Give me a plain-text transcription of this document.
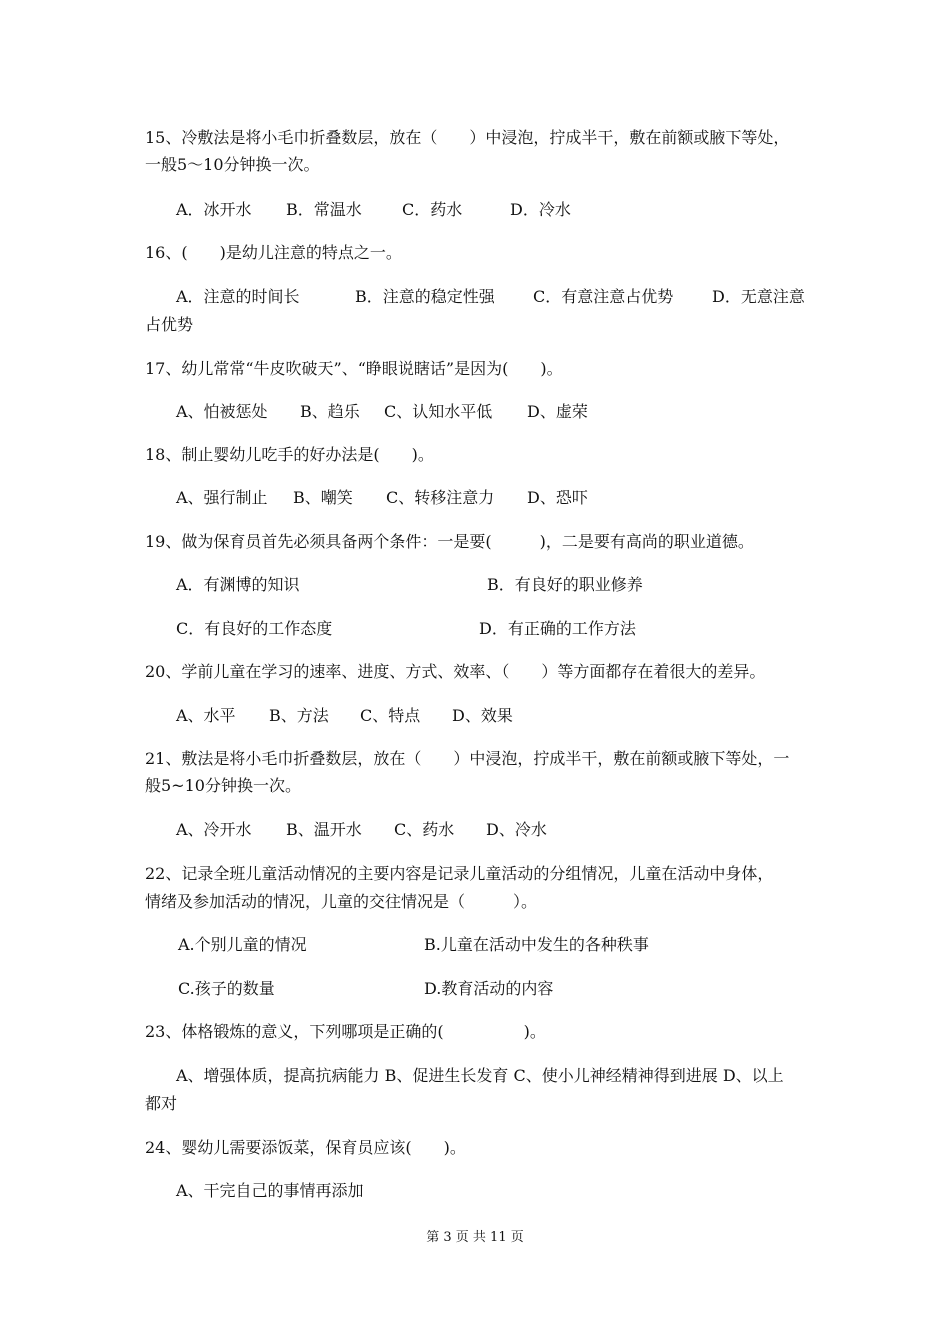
15、冷敷法是将小毛巾折叠数层，放在（　　）中浸泡，拧成半干，敷在前额或腋下等处，
一般5～10分钟换一次。
A．冰开水 B．常温水	C．药水	D．冷水
16、(　　)是幼儿注意的特点之一。
A．注意的时间长	B．注意的稳定性强 C．有意注意占优势 D．无意注意
占优势
17、幼儿常常“牛皮吹破天”、“睁眼说瞎话”是因为(　　)。
A、怕被惩处 B、趋乐 C、认知水平低 D、虚荣
18、制止婴幼儿吃手的好办法是(　　)。
A、强行制止 B、嘲笑 C、转移注意力 D、恐吓
19、做为保育员首先必须具备两个条件：一是要(　　　)，二是要有高尚的职业道德。
A．有渊博的知识	B．有良好的职业修养
C．有良好的工作态度	D．有正确的工作方法
20、学前儿童在学习的速率、进度、方式、效率、（　　）等方面都存在着很大的差异。
A、水平 B、方法 C、特点 D、效果
21、敷法是将小毛巾折叠数层，放在（　　）中浸泡，拧成半干，敷在前额或腋下等处，一
般5~10分钟换一次。
A、冷开水 B、温开水 C、药水 D、冷水
22、记录全班儿童活动情况的主要内容是记录儿童活动的分组情况，儿童在活动中身体，
情绪及参加活动的情况，儿童的交往情况是（　　　）。
A.个别儿童的情况	B.儿童在活动中发生的各种秩事
C.孩子的数量	D.教育活动的内容
23、体格锻炼的意义，下列哪项是正确的(　　　　　)。
A、增强体质，提高抗病能力 B、促进生长发育 C、使小儿神经精神得到进展 D、以上
都对
24、婴幼儿需要添饭菜，保育员应该(　　)。
A、干完自己的事情再添加
第 3 页 共 11 页
